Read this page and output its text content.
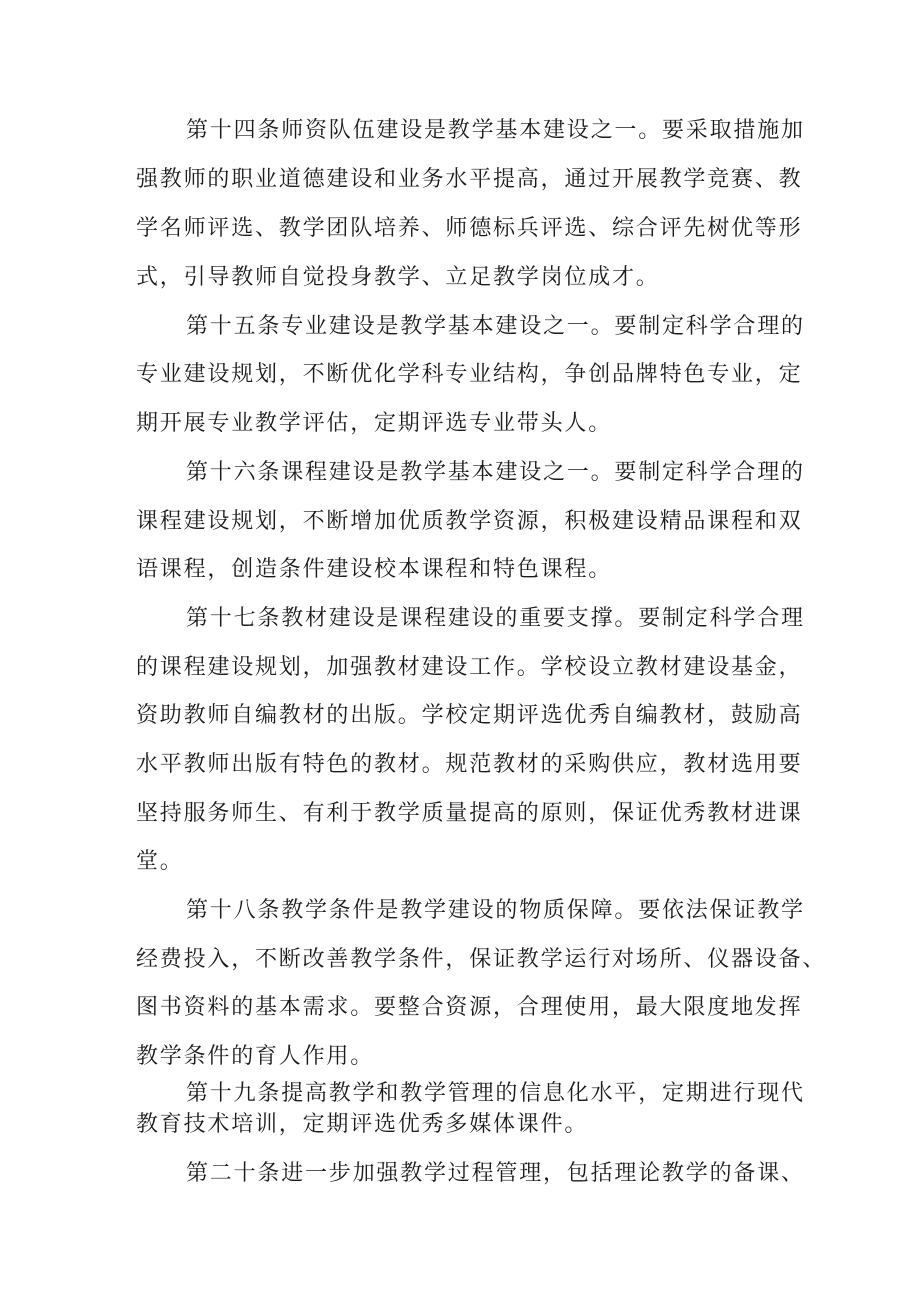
第十四条师资队伍建设是教学基本建设之一。要采取措施加
强教师的职业道德建设和业务水平提高，通过开展教学竞赛、教
学名师评选、教学团队培养、师德标兵评选、综合评先树优等形
式，引导教师自觉投身教学、立足教学岗位成才。
第十五条专业建设是教学基本建设之一。要制定科学合理的
专业建设规划，不断优化学科专业结构，争创品牌特色专业，定
期开展专业教学评估，定期评选专业带头人。
第十六条课程建设是教学基本建设之一。要制定科学合理的
课程建设规划，不断增加优质教学资源，积极建设精品课程和双
语课程，创造条件建设校本课程和特色课程。
第十七条教材建设是课程建设的重要支撑。要制定科学合理
的课程建设规划，加强教材建设工作。学校设立教材建设基金，
资助教师自编教材的出版。学校定期评选优秀自编教材，鼓励高
水平教师出版有特色的教材。规范教材的采购供应，教材选用要
坚持服务师生、有利于教学质量提高的原则，保证优秀教材进课
堂。
第十八条教学条件是教学建设的物质保障。要依法保证教学
经费投入，不断改善教学条件，保证教学运行对场所、仪器设备、
图书资料的基本需求。要整合资源，合理使用，最大限度地发挥
教学条件的育人作用。
第十九条提高教学和教学管理的信息化水平，定期进行现代
教育技术培训，定期评选优秀多媒体课件。
第二十条进一步加强教学过程管理，包括理论教学的备课、
